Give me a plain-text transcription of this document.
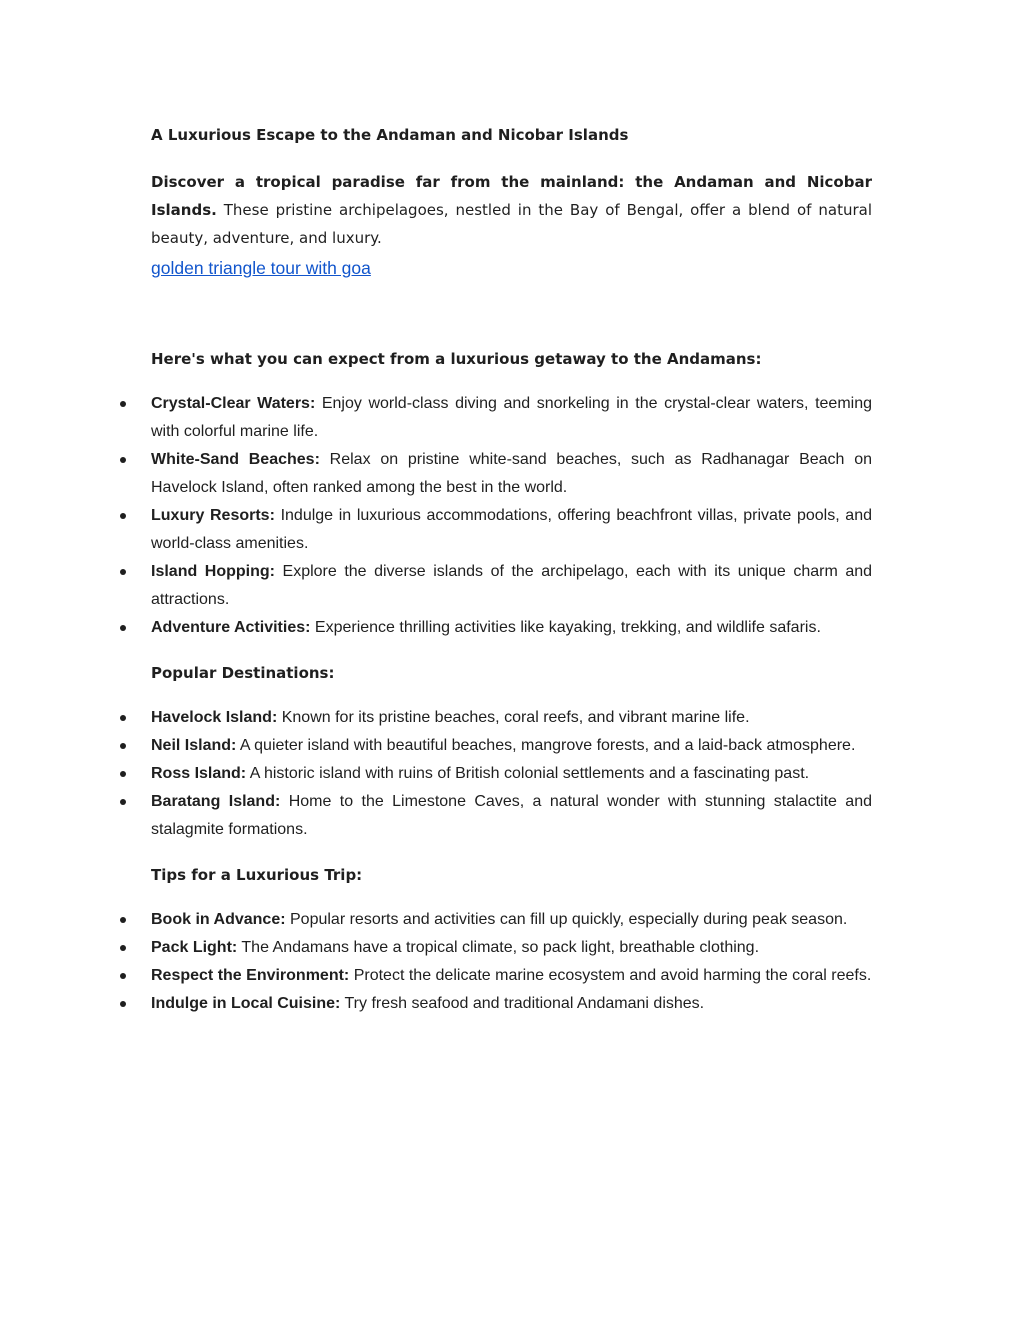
A Luxurious Escape to the Andaman and Nicobar Islands

Discover a tropical paradise far from the mainland: the Andaman and Nicobar Islands. These pristine archipelagoes, nestled in the Bay of Bengal, offer a blend of natural beauty, adventure, and luxury.

golden triangle tour with goa

Here's what you can expect from a luxurious getaway to the Andamans:

Crystal-Clear Waters: Enjoy world-class diving and snorkeling in the crystal-clear waters, teeming with colorful marine life.
White-Sand Beaches: Relax on pristine white-sand beaches, such as Radhanagar Beach on Havelock Island, often ranked among the best in the world.
Luxury Resorts: Indulge in luxurious accommodations, offering beachfront villas, private pools, and world-class amenities.
Island Hopping: Explore the diverse islands of the archipelago, each with its unique charm and attractions.
Adventure Activities: Experience thrilling activities like kayaking, trekking, and wildlife safaris.

Popular Destinations:

Havelock Island: Known for its pristine beaches, coral reefs, and vibrant marine life.
Neil Island: A quieter island with beautiful beaches, mangrove forests, and a laid-back atmosphere.
Ross Island: A historic island with ruins of British colonial settlements and a fascinating past.
Baratang Island: Home to the Limestone Caves, a natural wonder with stunning stalactite and stalagmite formations.

Tips for a Luxurious Trip:

Book in Advance: Popular resorts and activities can fill up quickly, especially during peak season.
Pack Light: The Andamans have a tropical climate, so pack light, breathable clothing.
Respect the Environment: Protect the delicate marine ecosystem and avoid harming the coral reefs.
Indulge in Local Cuisine: Try fresh seafood and traditional Andamani dishes.
